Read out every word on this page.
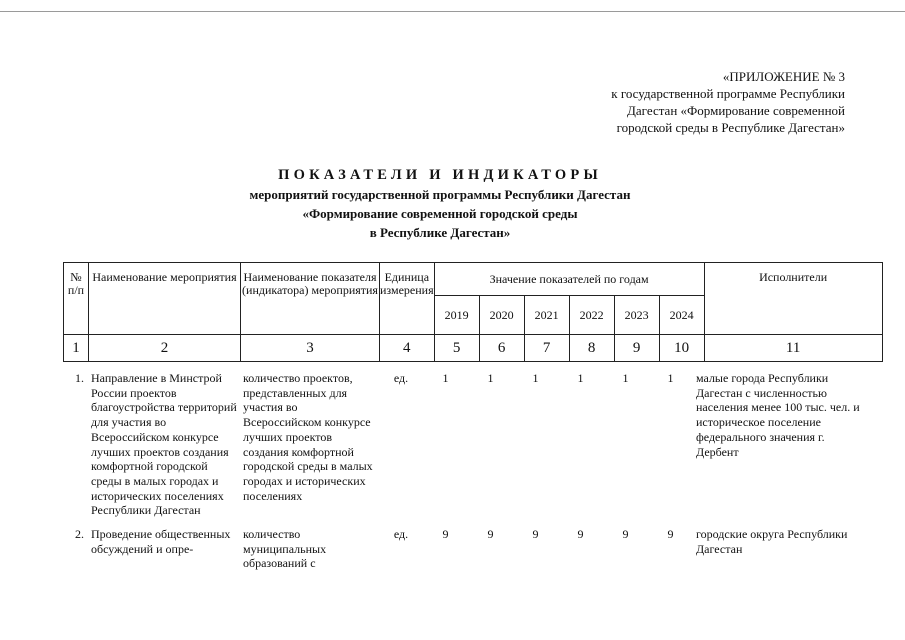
«ПРИЛОЖЕНИЕ № 3
к государственной программе Республики
Дагестан «Формирование современной
городской среды в Республике Дагестан»
ПОКАЗАТЕЛИ И ИНДИКАТОРЫ
мероприятий государственной программы Республики Дагестан
«Формирование современной городской среды
в Республике Дагестан»
№ п/п	Наименование мероприятия	Наименование показателя (индикатора) мероприятия	Единица измерения	Значение показателей по годам						Исполнители
				2019	2020	2021	2022	2023	2024	
1	2	3	4	5	6	7	8	9	10	11
1.	Направление в Минстрой России проектов благоустройства территорий для участия во Всероссийском конкурсе лучших проектов создания комфортной городской среды в малых городах и исторических поселениях Республики Дагестан	количество проектов, представленных для участия во Всероссийском конкурсе лучших проектов создания комфортной городской среды в малых городах и исторических поселениях	ед.	1	1	1	1	1	1	малые города Республики Дагестан с численностью населения менее 100 тыс. чел. и историческое поселение федерального значения г. Дербент
2.	Проведение общественных обсуждений и опре-	количество муниципальных образований с	ед.	9	9	9	9	9	9	городские округа Республики Дагестан
